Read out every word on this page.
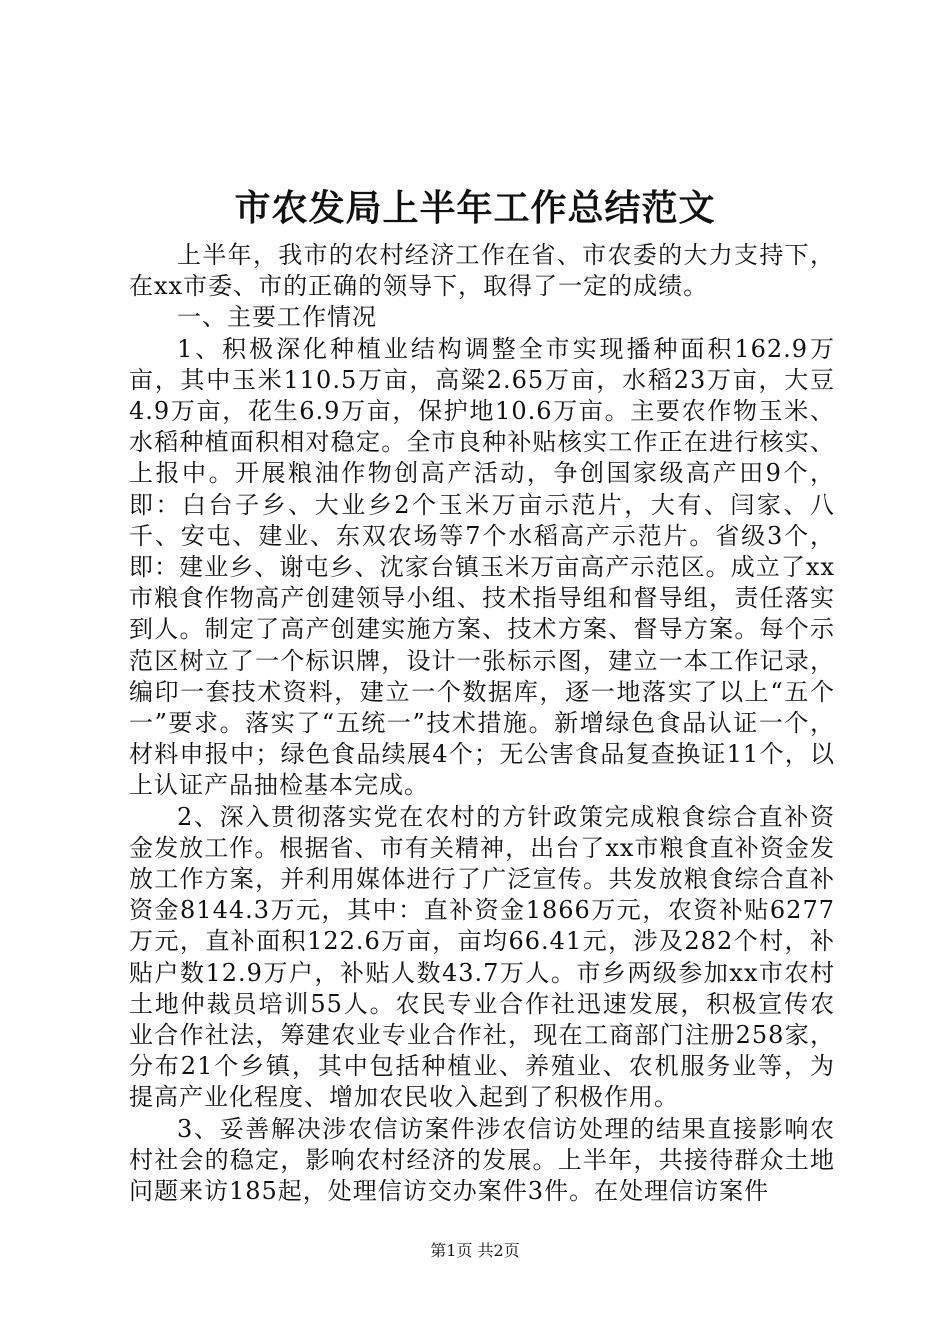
市农发局上半年工作总结范文

上半年，我市的农村经济工作在省、市农委的大力支持下，在xx市委、市的正确的领导下，取得了一定的成绩。

一、主要工作情况

1、积极深化种植业结构调整全市实现播种面积162.9万亩，其中玉米110.5万亩，高粱2.65万亩，水稻23万亩，大豆4.9万亩，花生6.9万亩，保护地10.6万亩。主要农作物玉米、水稻种植面积相对稳定。全市良种补贴核实工作正在进行核实、上报中。开展粮油作物创高产活动，争创国家级高产田9个，即：白台子乡、大业乡2个玉米万亩示范片，大有、闫家、八千、安屯、建业、东双农场等7个水稻高产示范片。省级3个，即：建业乡、谢屯乡、沈家台镇玉米万亩高产示范区。成立了xx市粮食作物高产创建领导小组、技术指导组和督导组，责任落实到人。制定了高产创建实施方案、技术方案、督导方案。每个示范区树立了一个标识牌，设计一张标示图，建立一本工作记录，编印一套技术资料，建立一个数据库，逐一地落实了以上“五个一”要求。落实了“五统一”技术措施。新增绿色食品认证一个，材料申报中；绿色食品续展4个；无公害食品复查换证11个，以上认证产品抽检基本完成。

2、深入贯彻落实党在农村的方针政策完成粮食综合直补资金发放工作。根据省、市有关精神，出台了xx市粮食直补资金发放工作方案，并利用媒体进行了广泛宣传。共发放粮食综合直补资金8144.3万元，其中：直补资金1866万元，农资补贴6277万元，直补面积122.6万亩，亩均66.41元，涉及282个村，补贴户数12.9万户，补贴人数43.7万人。市乡两级参加xx市农村土地仲裁员培训55人。农民专业合作社迅速发展，积极宣传农业合作社法，筹建农业专业合作社，现在工商部门注册258家，分布21个乡镇，其中包括种植业、养殖业、农机服务业等，为提高产业化程度、增加农民收入起到了积极作用。

3、妥善解决涉农信访案件涉农信访处理的结果直接影响农村社会的稳定，影响农村经济的发展。上半年，共接待群众土地问题来访185起，处理信访交办案件3件。在处理信访案件

第1页 共2页
